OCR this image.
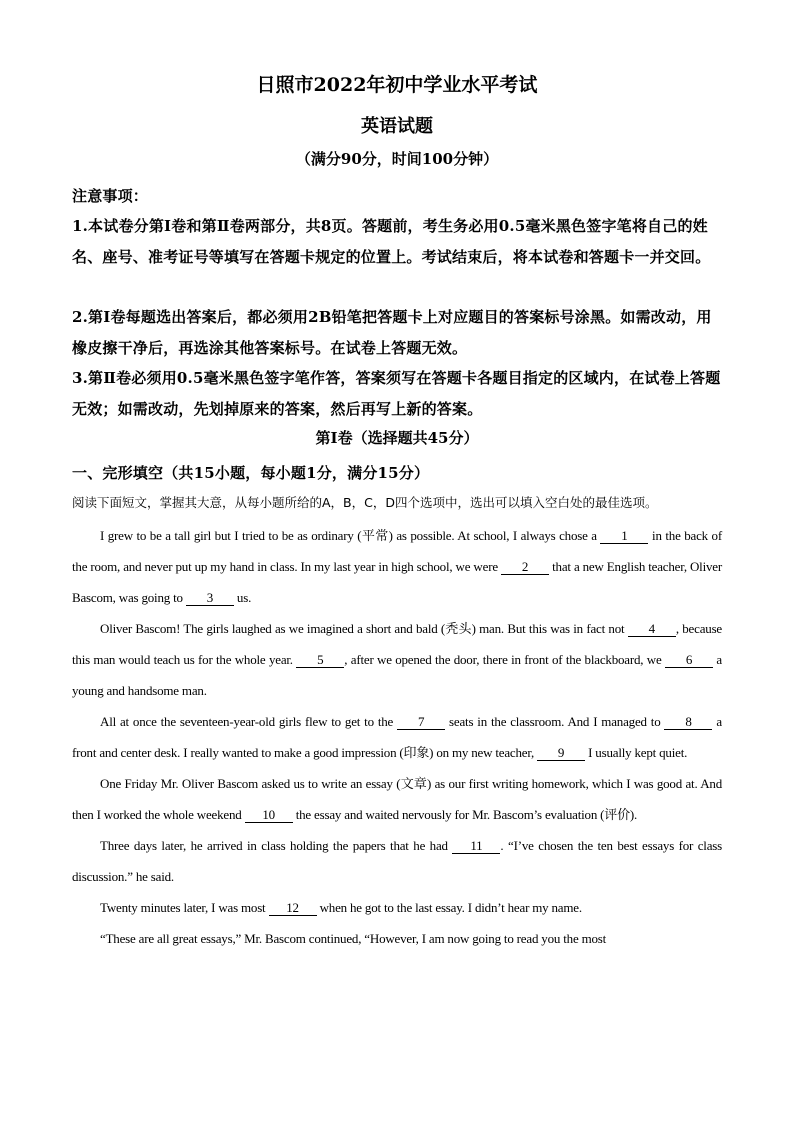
日照市2022年初中学业水平考试
英语试题
（满分90分，时间100分钟）
注意事项：
1.本试卷分第Ⅰ卷和第Ⅱ卷两部分，共8页。答题前，考生务必用0.5毫米黑色签字笔将自己的姓名、座号、准考证号等填写在答题卡规定的位置上。考试结束后，将本试卷和答题卡一并交回。
2.第Ⅰ卷每题选出答案后，都必须用2B铅笔把答题卡上对应题目的答案标号涂黑。如需改动，用橡皮擦干净后，再选涂其他答案标号。在试卷上答题无效。
3.第Ⅱ卷必须用0.5毫米黑色签字笔作答，答案须写在答题卡各题目指定的区域内，在试卷上答题无效；如需改动，先划掉原来的答案，然后再写上新的答案。
第Ⅰ卷（选择题共45分）
一、完形填空（共15小题，每小题1分，满分15分）
阅读下面短文，掌握其大意，从每小题所给的A，B，C，D四个选项中，选出可以填入空白处的最佳选项。

I grew to be a tall girl but I tried to be as ordinary (平常) as possible. At school, I always chose a 1 in the back of the room, and never put up my hand in class. In my last year in high school, we were 2 that a new English teacher, Oliver Bascom, was going to 3 us.

Oliver Bascom! The girls laughed as we imagined a short and bald (秃头) man. But this was in fact not 4 , because this man would teach us for the whole year. 5 , after we opened the door, there in front of the blackboard, we 6 a young and handsome man.

All at once the seventeen-year-old girls flew to get to the 7 seats in the classroom. And I managed to 8 a front and center desk. I really wanted to make a good impression (印象) on my new teacher, 9 I usually kept quiet.

One Friday Mr. Oliver Bascom asked us to write an essay (文章) as our first writing homework, which I was good at. And then I worked the whole weekend 10 the essay and waited nervously for Mr. Bascom’s evaluation (评价).

Three days later, he arrived in class holding the papers that he had 11 . “I’ve chosen the ten best essays for class discussion.” he said.

Twenty minutes later, I was most 12 when he got to the last essay. I didn’t hear my name.

“These are all great essays,” Mr. Bascom continued, “However, I am now going to read you the most
